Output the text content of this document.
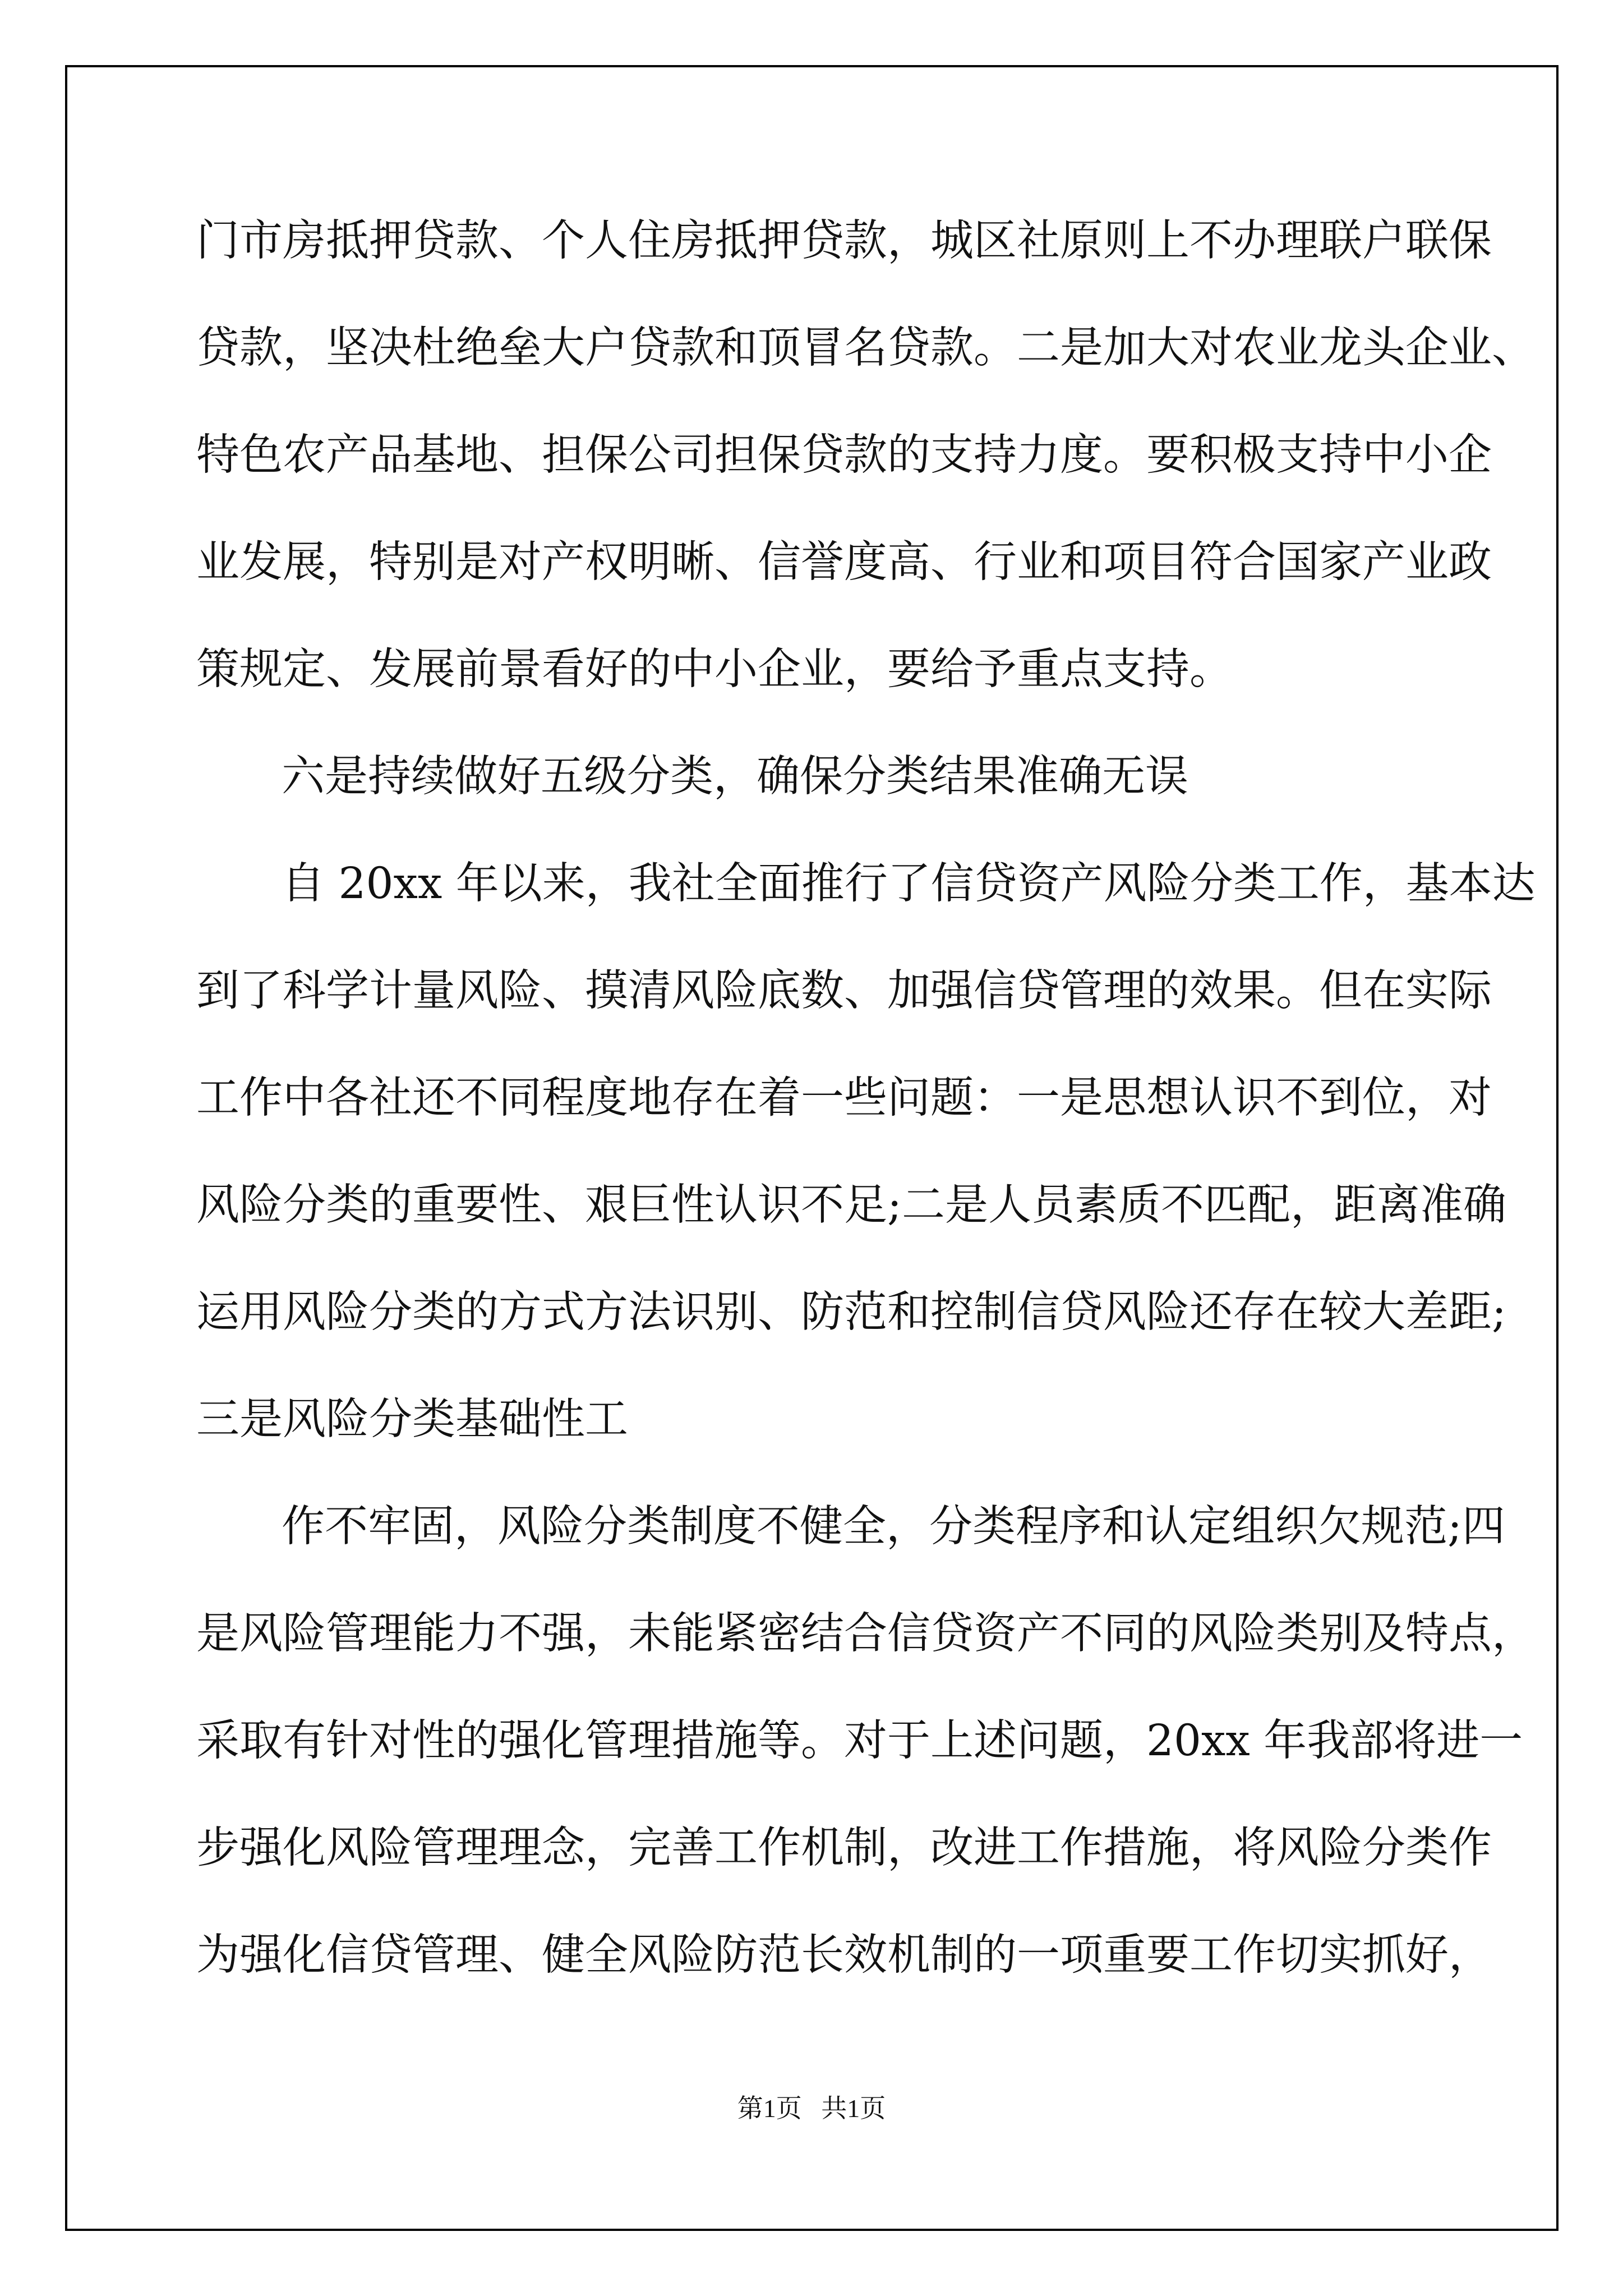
门市房抵押贷款、个人住房抵押贷款，城区社原则上不办理联户联保
贷款，坚决杜绝垒大户贷款和顶冒名贷款。二是加大对农业龙头企业、
特色农产品基地、担保公司担保贷款的支持力度。要积极支持中小企
业发展，特别是对产权明晰、信誉度高、行业和项目符合国家产业政
策规定、发展前景看好的中小企业，要给予重点支持。
六是持续做好五级分类，确保分类结果准确无误
自 20xx 年以来，我社全面推行了信贷资产风险分类工作，基本达
到了科学计量风险、摸清风险底数、加强信贷管理的效果。但在实际
工作中各社还不同程度地存在着一些问题：一是思想认识不到位，对
风险分类的重要性、艰巨性认识不足;二是人员素质不匹配，距离准确
运用风险分类的方式方法识别、防范和控制信贷风险还存在较大差距;
三是风险分类基础性工
作不牢固，风险分类制度不健全，分类程序和认定组织欠规范;四
是风险管理能力不强，未能紧密结合信贷资产不同的风险类别及特点，
采取有针对性的强化管理措施等。对于上述问题，20xx 年我部将进一
步强化风险管理理念，完善工作机制，改进工作措施，将风险分类作
为强化信贷管理、健全风险防范长效机制的一项重要工作切实抓好，
第1页   共1页
